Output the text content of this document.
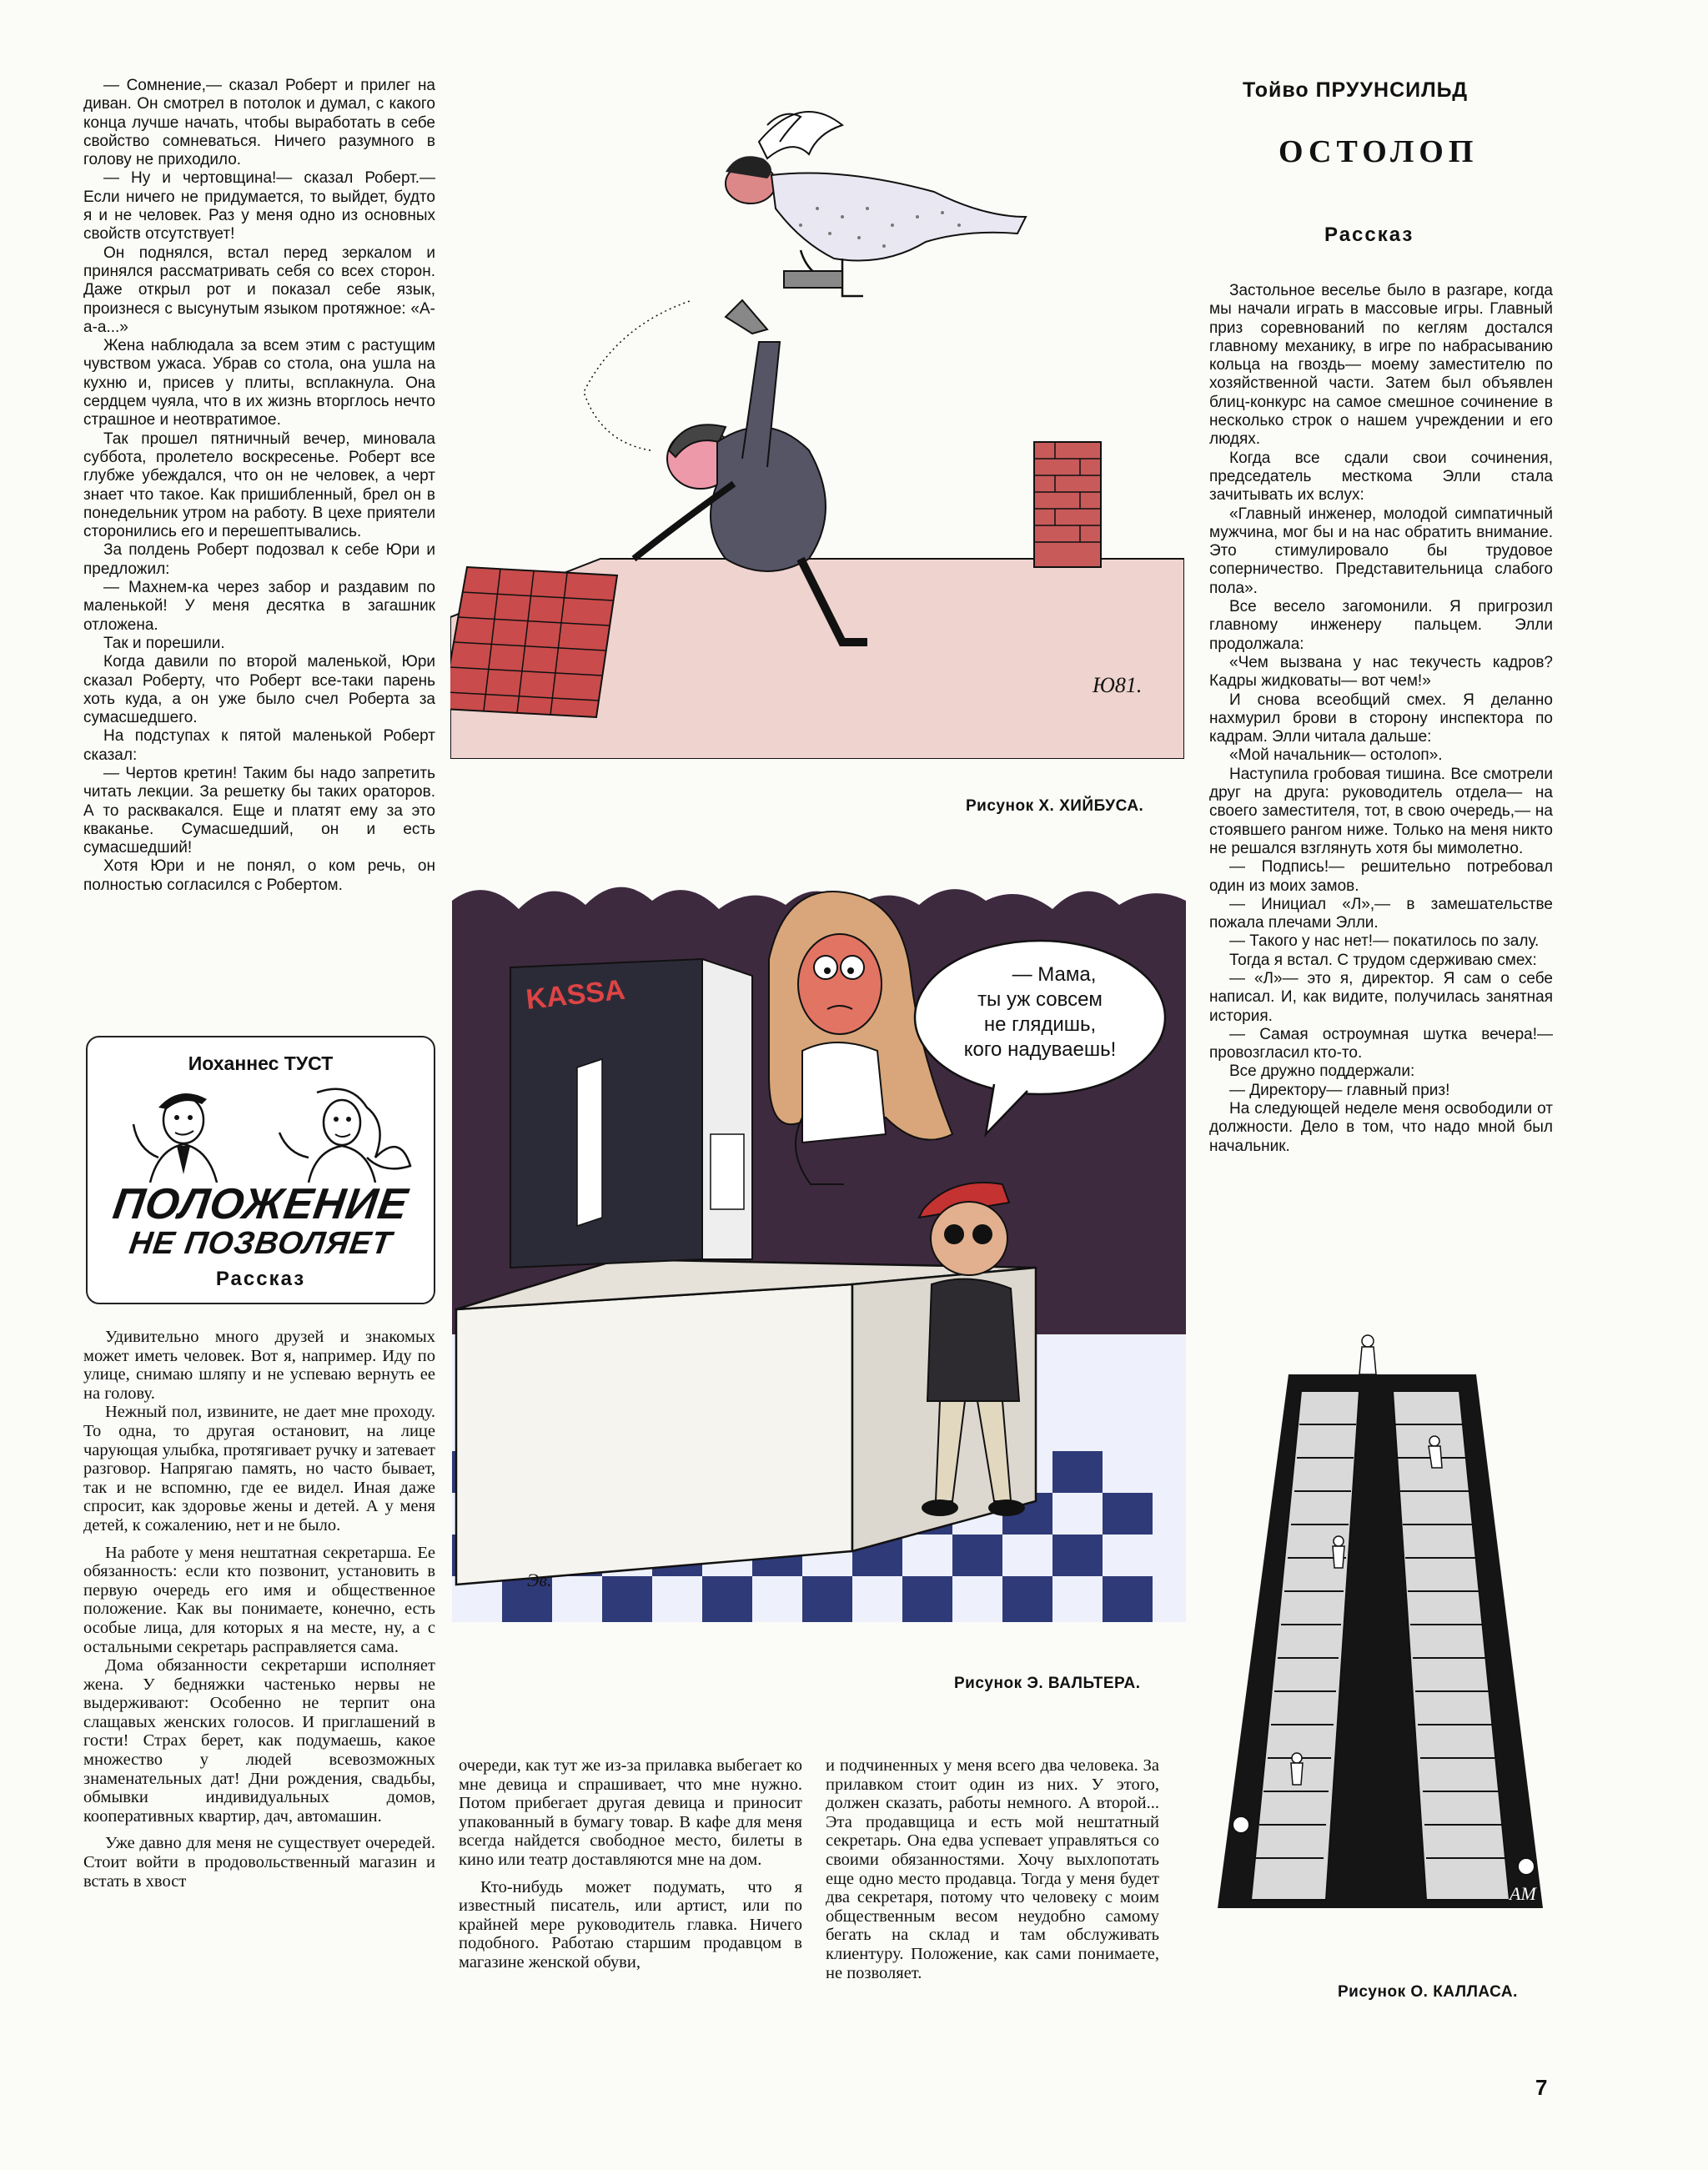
— Сомнение,— сказал Роберт и прилег на диван. Он смотрел в потолок и думал, с какого конца лучше начать, чтобы выработать в себе свойство сомневаться. Ничего разумного в голову не приходило.

— Ну и чертовщина!— сказал Роберт.— Если ничего не придумается, то выйдет, будто я и не человек. Раз у меня одно из основных свойств отсутствует!

Он поднялся, встал перед зеркалом и принялся рассматривать себя со всех сторон. Даже открыл рот и показал себе язык, произнеся с высунутым языком протяжное: «А-а-а...»

Жена наблюдала за всем этим с растущим чувством ужаса. Убрав со стола, она ушла на кухню и, присев у плиты, всплакнула. Она сердцем чуяла, что в их жизнь вторглось нечто страшное и неотвратимое.

Так прошел пятничный вечер, миновала суббота, пролетело воскресенье. Роберт все глубже убеждался, что он не человек, а черт знает что такое. Как пришибленный, брел он в понедельник утром на работу. В цехе приятели сторонились его и перешептывались.

За полдень Роберт подозвал к себе Юри и предложил:

— Махнем-ка через забор и раздавим по маленькой! У меня десятка в загашник отложена.

Так и порешили.

Когда давили по второй маленькой, Юри сказал Роберту, что Роберт все-таки парень хоть куда, а он уже было счел Роберта за сумасшедшего.

На подступах к пятой маленькой Роберт сказал:

— Чертов кретин! Таким бы надо запретить читать лекции. За решетку бы таких ораторов. А то расквакался. Еще и платят ему за это кваканье. Сумасшедший, он и есть сумасшедший!

Хотя Юри и не понял, о ком речь, он полностью согласился с Робертом.

Иоханнес ТУСТ
ПОЛОЖЕНИЕ
НЕ ПОЗВОЛЯЕТ
Рассказ

Удивительно много друзей и знакомых может иметь человек. Вот я, например. Иду по улице, снимаю шляпу и не успеваю вернуть ее на голову.

Нежный пол, извините, не дает мне проходу. То одна, то другая остановит, на лице чарующая улыбка, протягивает ручку и затевает разговор. Напрягаю память, но часто бывает, так и не вспомню, где ее видел. Иная даже спросит, как здоровье жены и детей. А у меня детей, к сожалению, нет и не было.

На работе у меня нештатная секретарша. Ее обязанность: если кто позвонит, установить в первую очередь его имя и общественное положение. Как вы понимаете, конечно, есть особые лица, для которых я на месте, ну, а с остальными секретарь расправляется сама.

Дома обязанности секретарши исполняет жена. У бедняжки частенько нервы не выдерживают: Особенно не терпит она слащавых женских голосов. И приглашений в гости! Страх берет, как подумаешь, какое множество у людей всевозможных знаменательных дат! Дни рождения, свадьбы, обмывки индивидуальных домов, кооперативных квартир, дач, автомашин.

Уже давно для меня не существует очередей. Стоит войти в продовольственный магазин и встать в хвост

очереди, как тут же из-за прилавка выбегает ко мне девица и спрашивает, что мне нужно. Потом прибегает другая девица и приносит упакованный в бумагу товар. В кафе для меня всегда найдется свободное место, билеты в кино или театр доставляются мне на дом.

Кто-нибудь может подумать, что я известный писатель, или артист, или по крайней мере руководитель главка. Ничего подобного. Работаю старшим продавцом в магазине женской обуви,

и подчиненных у меня всего два человека. За прилавком стоит один из них. У этого, должен сказать, работы немного. А второй... Эта продавщица и есть мой нештатный секретарь. Она едва успевает управляться со своими обязанностями. Хочу выхлопотать еще одно место продавца. Тогда у меня будет два секретаря, потому что человеку с моим общественным весом неудобно самому бегать на склад и там обслуживать клиентуру. Положение, как сами понимаете, не позволяет.

Тойво ПРУУНСИЛЬД
ОСТОЛОП
Рассказ

Застольное веселье было в разгаре, когда мы начали играть в массовые игры. Главный приз соревнований по кеглям достался главному механику, в игре по набрасыванию кольца на гвоздь— моему заместителю по хозяйственной части. Затем был объявлен блиц-конкурс на самое смешное сочинение в несколько строк о нашем учреждении и его людях.

Когда все сдали свои сочинения, председатель месткома Элли стала зачитывать их вслух:

«Главный инженер, молодой симпатичный мужчина, мог бы и на нас обратить внимание. Это стимулировало бы трудовое соперничество. Представительница слабого пола».

Все весело загомонили. Я пригрозил главному инженеру пальцем. Элли продолжала:

«Чем вызвана у нас текучесть кадров? Кадры жидковаты— вот чем!»

И снова всеобщий смех. Я деланно нахмурил брови в сторону инспектора по кадрам. Элли читала дальше:

«Мой начальник— остолоп».

Наступила гробовая тишина. Все смотрели друг на друга: руководитель отдела— на своего заместителя, тот, в свою очередь,— на стоявшего рангом ниже. Только на меня никто не решался взглянуть хотя бы мимолетно.

— Подпись!— решительно потребовал один из моих замов.

— Инициал «Л»,— в замешательстве пожала плечами Элли.

— Такого у нас нет!— покатилось по залу.

Тогда я встал. С трудом сдерживаю смех:

— «Л»— это я, директор. Я сам о себе написал. И, как видите, получилась занятная история.

— Самая остроумная шутка вечера!— провозгласил кто-то.

Все дружно поддержали:

— Директору— главный приз!

На следующей неделе меня освободили от должности. Дело в том, что надо мной был начальник.

Ю81.
Рисунок Х. ХИЙБУСА.
KASSA	— Мама,
ты уж совсем
не глядишь,
кого надуваешь!
Эв.
Рисунок Э. ВАЛЬТЕРА.
АМ
Рисунок О. КАЛЛАСА.
7
